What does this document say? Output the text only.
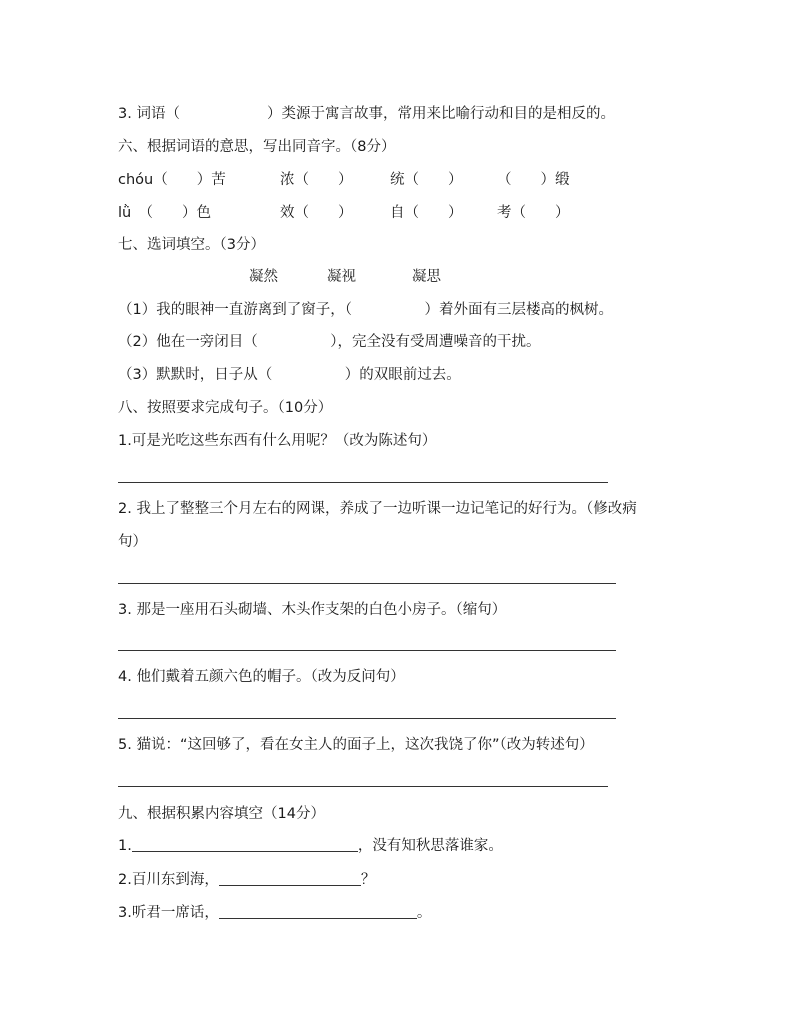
3. 词语（　　　　　　）类源于寓言故事，常用来比喻行动和目的是相反的。
六、根据词语的意思，写出同音字。（8分）
chóu（　　）苦	浓（　　）	统（　　） （　　）缎
lǜ　（　　）色	效（　　）	自（　　） 考（　　）
七、选词填空。（3分）
凝然	凝视	凝思
（1）我的眼神一直游离到了窗子，（　　　　　）着外面有三层楼高的枫树。
（2）他在一旁闭目（　　　　　），完全没有受周遭噪音的干扰。
（3）默默时，日子从（　　　　　）的双眼前过去。
八、按照要求完成句子。（10分）
1.可是光吃这些东西有什么用呢？（改为陈述句）
2. 我上了整整三个月左右的网课，养成了一边听课一边记笔记的好行为。（修改病
句）
3. 那是一座用石头砌墙、木头作支架的白色小房子。（缩句）
4. 他们戴着五颜六色的帽子。（改为反问句）
5. 猫说：“这回够了，看在女主人的面子上，这次我饶了你”（改为转述句）
九、根据积累内容填空（14分）
1.	，没有知秋思落谁家。
2.百川东到海，	？
3.听君一席话，	。
